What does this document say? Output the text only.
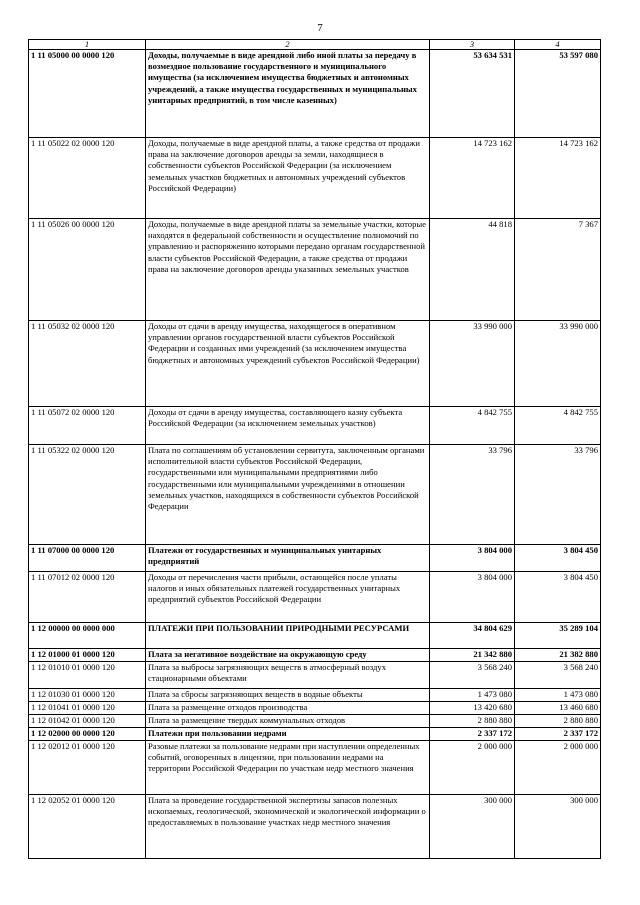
7
1	2	3	4
1 11 05000 00 0000 120	Доходы, получаемые в виде арендной либо иной платы за передачу в возмездное пользование государственного и муниципального имущества (за исключением имущества бюджетных и автономных учреждений, а также имущества государственных и муниципальных унитарных предприятий, в том числе казенных)	53 634 531	53 597 080
1 11 05022 02 0000 120	Доходы, получаемые в виде арендной платы, а также средства от продажи права на заключение договоров аренды за земли, находящиеся в собственности субъектов Российской Федерации (за исключением земельных участков бюджетных и автономных учреждений субъектов Российской Федерации)	14 723 162	14 723 162
1 11 05026 00 0000 120	Доходы, получаемые в виде арендной платы за земельные участки, которые находятся в федеральной собственности и осуществление полномочий по управлению и распоряжению которыми передано органам государственной власти субъектов Российской Федерации, а также средства от продажи права на заключение договоров аренды указанных земельных участков	44 818	7 367
1 11 05032 02 0000 120	Доходы от сдачи в аренду имущества, находящегося в оперативном управлении органов государственной власти субъектов Российской Федерации и созданных ими учреждений (за исключением имущества бюджетных и автономных учреждений субъектов Российской Федерации)	33 990 000	33 990 000
1 11 05072 02 0000 120	Доходы от сдачи в аренду имущества, составляющего казну субъекта Российской Федерации (за исключением земельных участков)	4 842 755	4 842 755
1 11 05322 02 0000 120	Плата по соглашениям об установлении сервитута, заключенным органами исполнительной власти субъектов Российской Федерации, государственными или муниципальными предприятиями либо государственными или муниципальными учреждениями в отношении земельных участков, находящихся в собственности субъектов Российской Федерации	33 796	33 796
1 11 07000 00 0000 120	Платежи от государственных и муниципальных унитарных предприятий	3 804 000	3 804 450
1 11 07012 02 0000 120	Доходы от перечисления части прибыли, остающейся после уплаты налогов и иных обязательных платежей государственных унитарных предприятий субъектов Российской Федерации	3 804 000	3 804 450
1 12 00000 00 0000 000	ПЛАТЕЖИ ПРИ ПОЛЬЗОВАНИИ ПРИРОДНЫМИ РЕСУРСАМИ	34 804 629	35 289 104
1 12 01000 01 0000 120	Плата за негативное воздействие на окружающую среду	21 342 880	21 382 880
1 12 01010 01 0000 120	Плата за выбросы загрязняющих веществ в атмосферный воздух стационарными объектами	3 568 240	3 568 240
1 12 01030 01 0000 120	Плата за сбросы загрязняющих веществ в водные объекты	1 473 080	1 473 080
1 12 01041 01 0000 120	Плата за размещение отходов производства	13 420 680	13 460 680
1 12 01042 01 0000 120	Плата за размещение твердых коммунальных отходов	2 880 880	2 880 880
1 12 02000 00 0000 120	Платежи при пользовании недрами	2 337 172	2 337 172
1 12 02012 01 0000 120	Разовые платежи за пользование недрами при наступлении определенных событий, оговоренных в лицензии, при пользовании недрами на территории Российской Федерации по участкам недр местного значения	2 000 000	2 000 000
1 12 02052 01 0000 120	Плата за проведение государственной экспертизы запасов полезных ископаемых, геологической, экономической и экологической информации о предоставляемых в пользование участках недр местного значения	300 000	300 000
